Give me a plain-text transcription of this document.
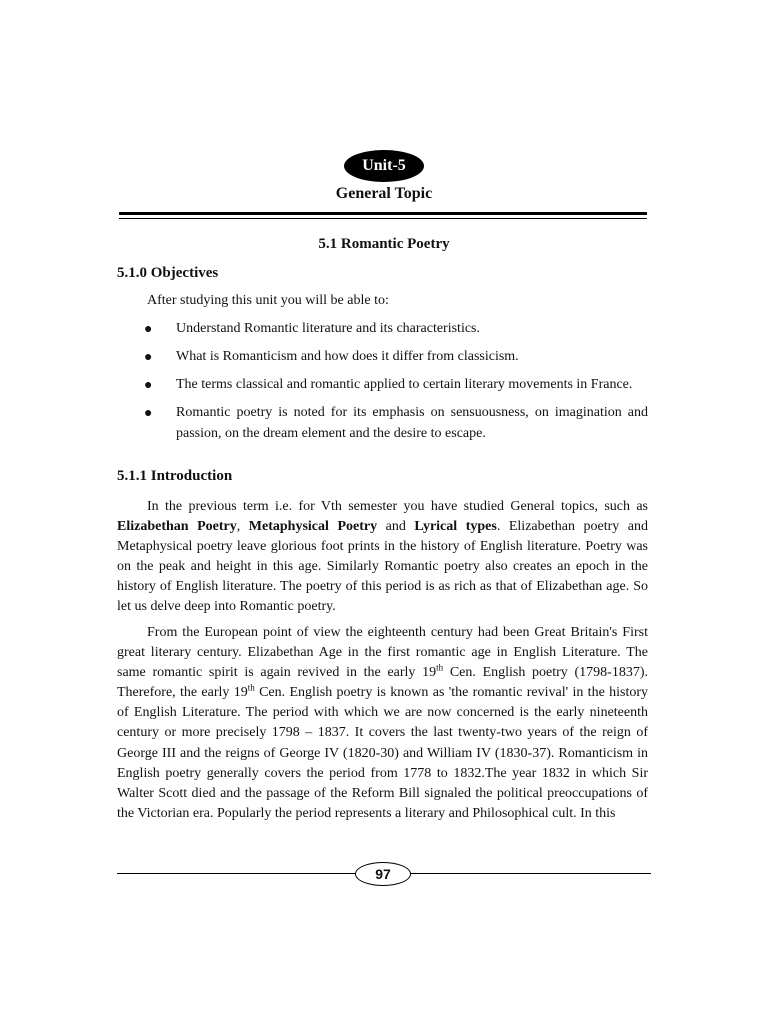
Unit-5
General Topic
5.1 Romantic Poetry
5.1.0 Objectives
After studying this unit you will be able to:
●	Understand Romantic literature and its characteristics.
●	What is Romanticism and how does it differ from classicism.
●	The terms classical and romantic applied to certain literary movements in France.
●	Romantic poetry is noted for its emphasis on sensuousness, on imagination and passion, on the dream element and the desire to escape.
5.1.1 Introduction

In the previous term i.e. for Vth semester you have studied General topics, such as Elizabethan Poetry, Metaphysical Poetry and Lyrical types. Elizabethan poetry and Metaphysical poetry leave glorious foot prints in the history of English literature. Poetry was on the peak and height in this age. Similarly Romantic poetry also creates an epoch in the history of English literature. The poetry of this period is as rich as that of Elizabethan age. So let us delve deep into Romantic poetry.

From the European point of view the eighteenth century had been Great Britain's First great literary century. Elizabethan Age in the first romantic age in English Literature. The same romantic spirit is again revived in the early 19th Cen. English poetry (1798-1837). Therefore, the early 19th Cen. English poetry is known as 'the romantic revival' in the history of English Literature. The period with which we are now concerned is the early nineteenth century or more precisely 1798 – 1837. It covers the last twenty-two years of the reign of George III and the reigns of George IV (1820-30) and William IV (1830-37). Romanticism in English poetry generally covers the period from 1778 to 1832.The year 1832 in which Sir Walter Scott died and the passage of the Reform Bill signaled the political preoccupations of the Victorian era. Popularly the period represents a literary and Philosophical cult. In this

97
